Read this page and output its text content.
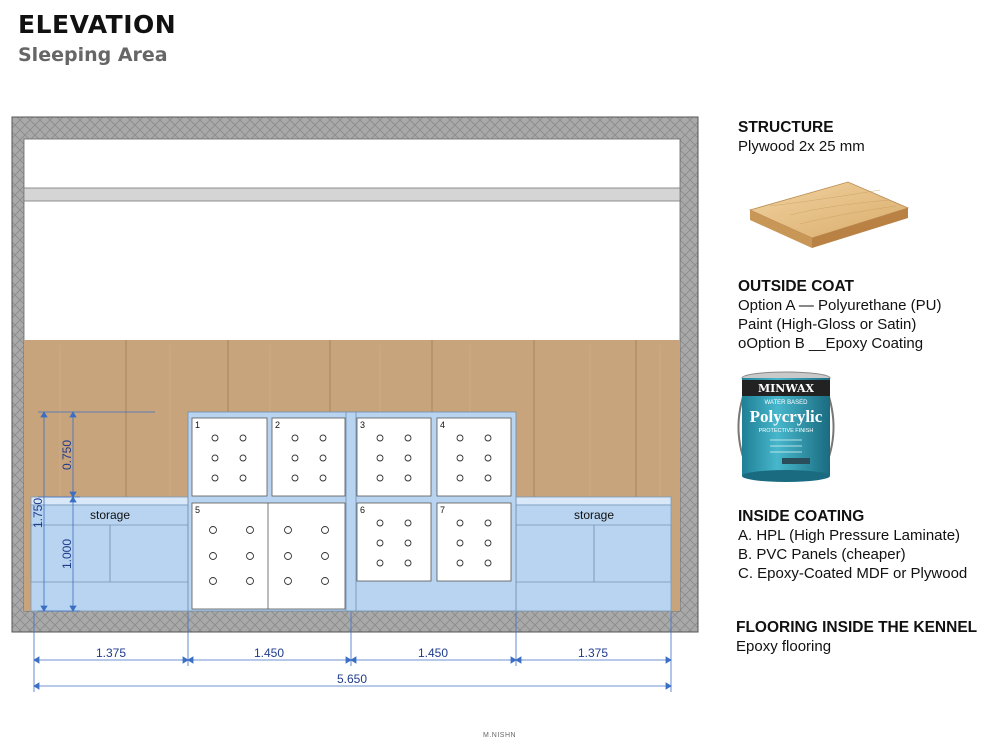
ELEVATION
Sleeping Area
storage	storage
1	2	3	4
5	6	7
1.375	1.450	1.450	1.375
5.650
1.750
0.750
1.000
MINWAX
WATER BASED
Polycrylic
PROTECTIVE FINISH
STRUCTURE
Plywood 2x 25 mm
OUTSIDE COAT
Option A — Polyurethane (PU)
Paint (High-Gloss or Satin)
oOption B __Epoxy Coating
INSIDE COATING
A. HPL (High Pressure Laminate)
B. PVC Panels (cheaper)
C. Epoxy-Coated MDF or Plywood
FLOORING INSIDE THE KENNEL
Epoxy flooring
M.NISHN
